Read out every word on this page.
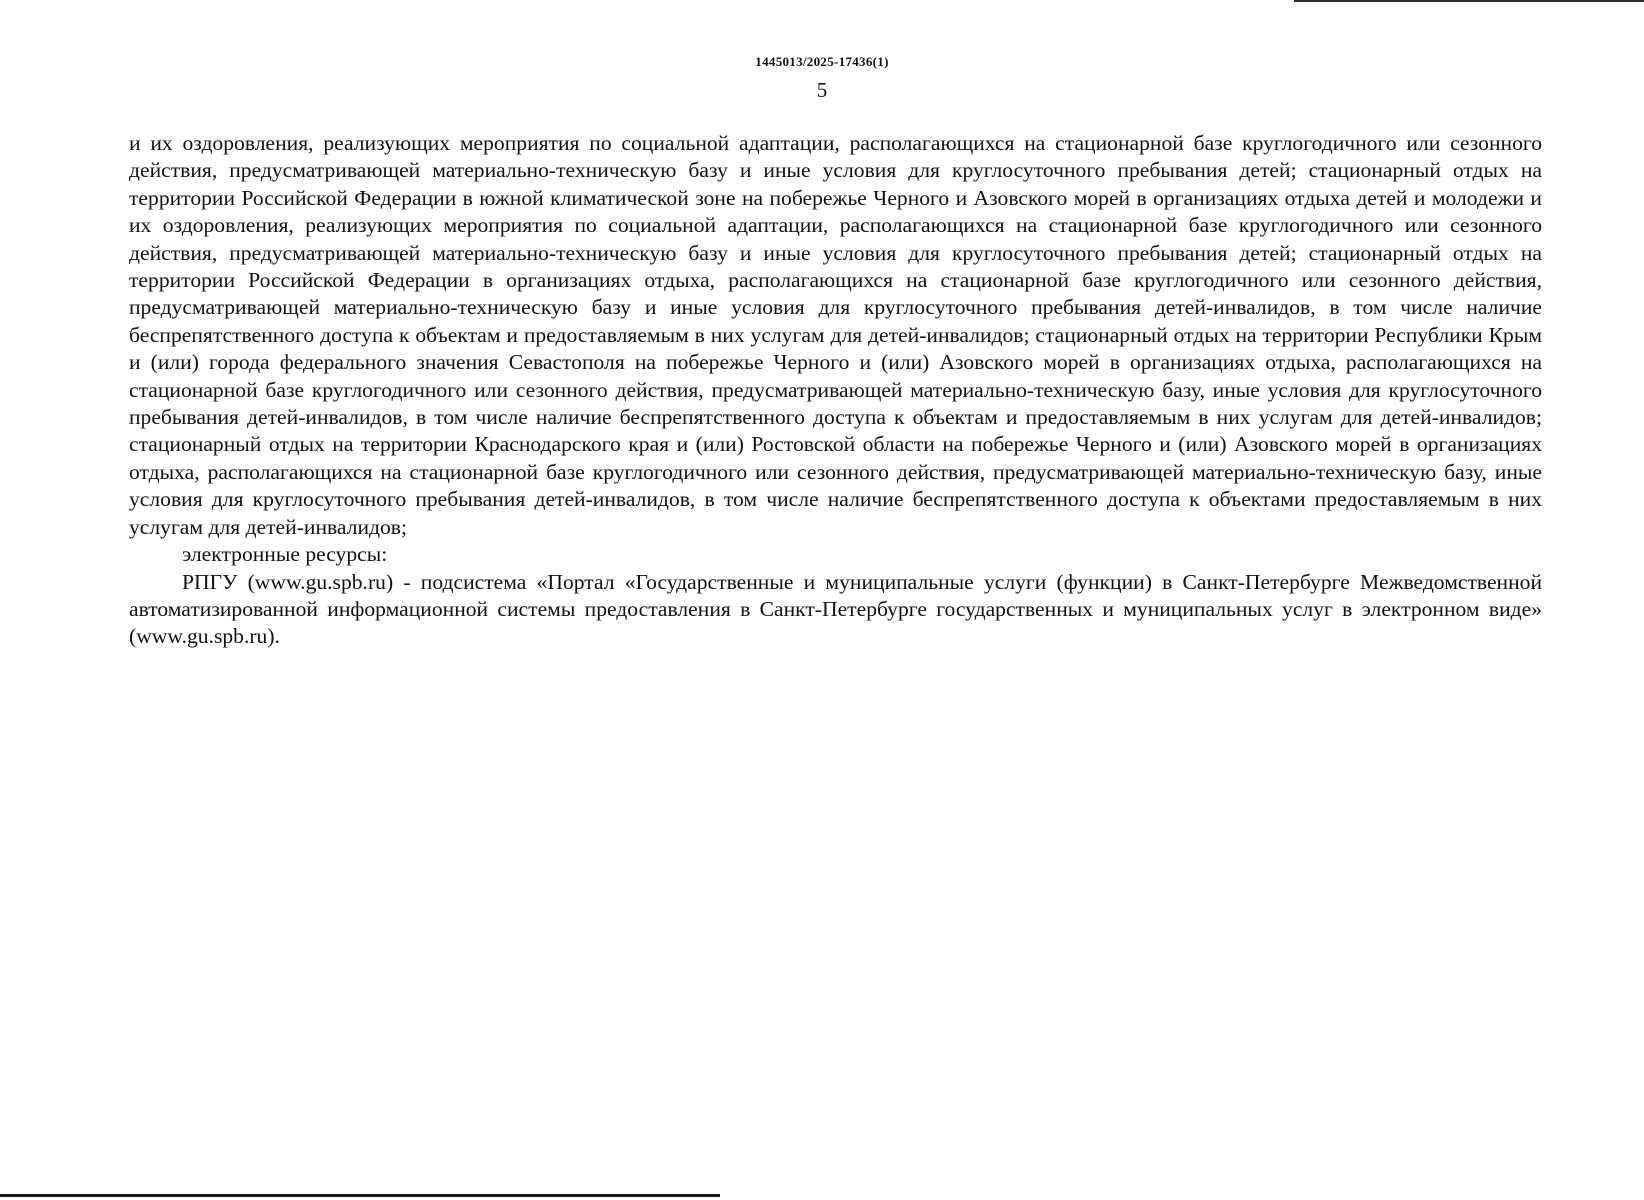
1445013/2025-17436(1)
5

и их оздоровления, реализующих мероприятия по социальной адаптации, располагающихся на стационарной базе круглогодичного или сезонного действия, предусматривающей материально-техническую базу и иные условия для круглосуточного пребывания детей; стационарный отдых на территории Российской Федерации в южной климатической зоне на побережье Черного и Азовского морей в организациях отдыха детей и молодежи и их оздоровления, реализующих мероприятия по социальной адаптации, располагающихся на стационарной базе круглогодичного или сезонного действия, предусматривающей материально-техническую базу и иные условия для круглосуточного пребывания детей; стационарный отдых на территории Российской Федерации в организациях отдыха, располагающихся на стационарной базе круглогодичного или сезонного действия, предусматривающей материально-техническую базу и иные условия для круглосуточного пребывания детей-инвалидов, в том числе наличие беспрепятственного доступа к объектам и предоставляемым в них услугам для детей-инвалидов; стационарный отдых на территории Республики Крым и (или) города федерального значения Севастополя на побережье Черного и (или) Азовского морей в организациях отдыха, располагающихся на стационарной базе круглогодичного или сезонного действия, предусматривающей материально-техническую базу, иные условия для круглосуточного пребывания детей-инвалидов, в том числе наличие беспрепятственного доступа к объектам и предоставляемым в них услугам для детей-инвалидов; стационарный отдых на территории Краснодарского края и (или) Ростовской области на побережье Черного и (или) Азовского морей в организациях отдыха, располагающихся на стационарной базе круглогодичного или сезонного действия, предусматривающей материально-техническую базу, иные условия для круглосуточного пребывания детей-инвалидов, в том числе наличие беспрепятственного доступа к объектами предоставляемым в них услугам для детей-инвалидов;

электронные ресурсы:

РПГУ (www.gu.spb.ru) - подсистема «Портал «Государственные и муниципальные услуги (функции) в Санкт-Петербурге Межведомственной автоматизированной информационной системы предоставления в Санкт-Петербурге государственных и муниципальных услуг в электронном виде» (www.gu.spb.ru).
